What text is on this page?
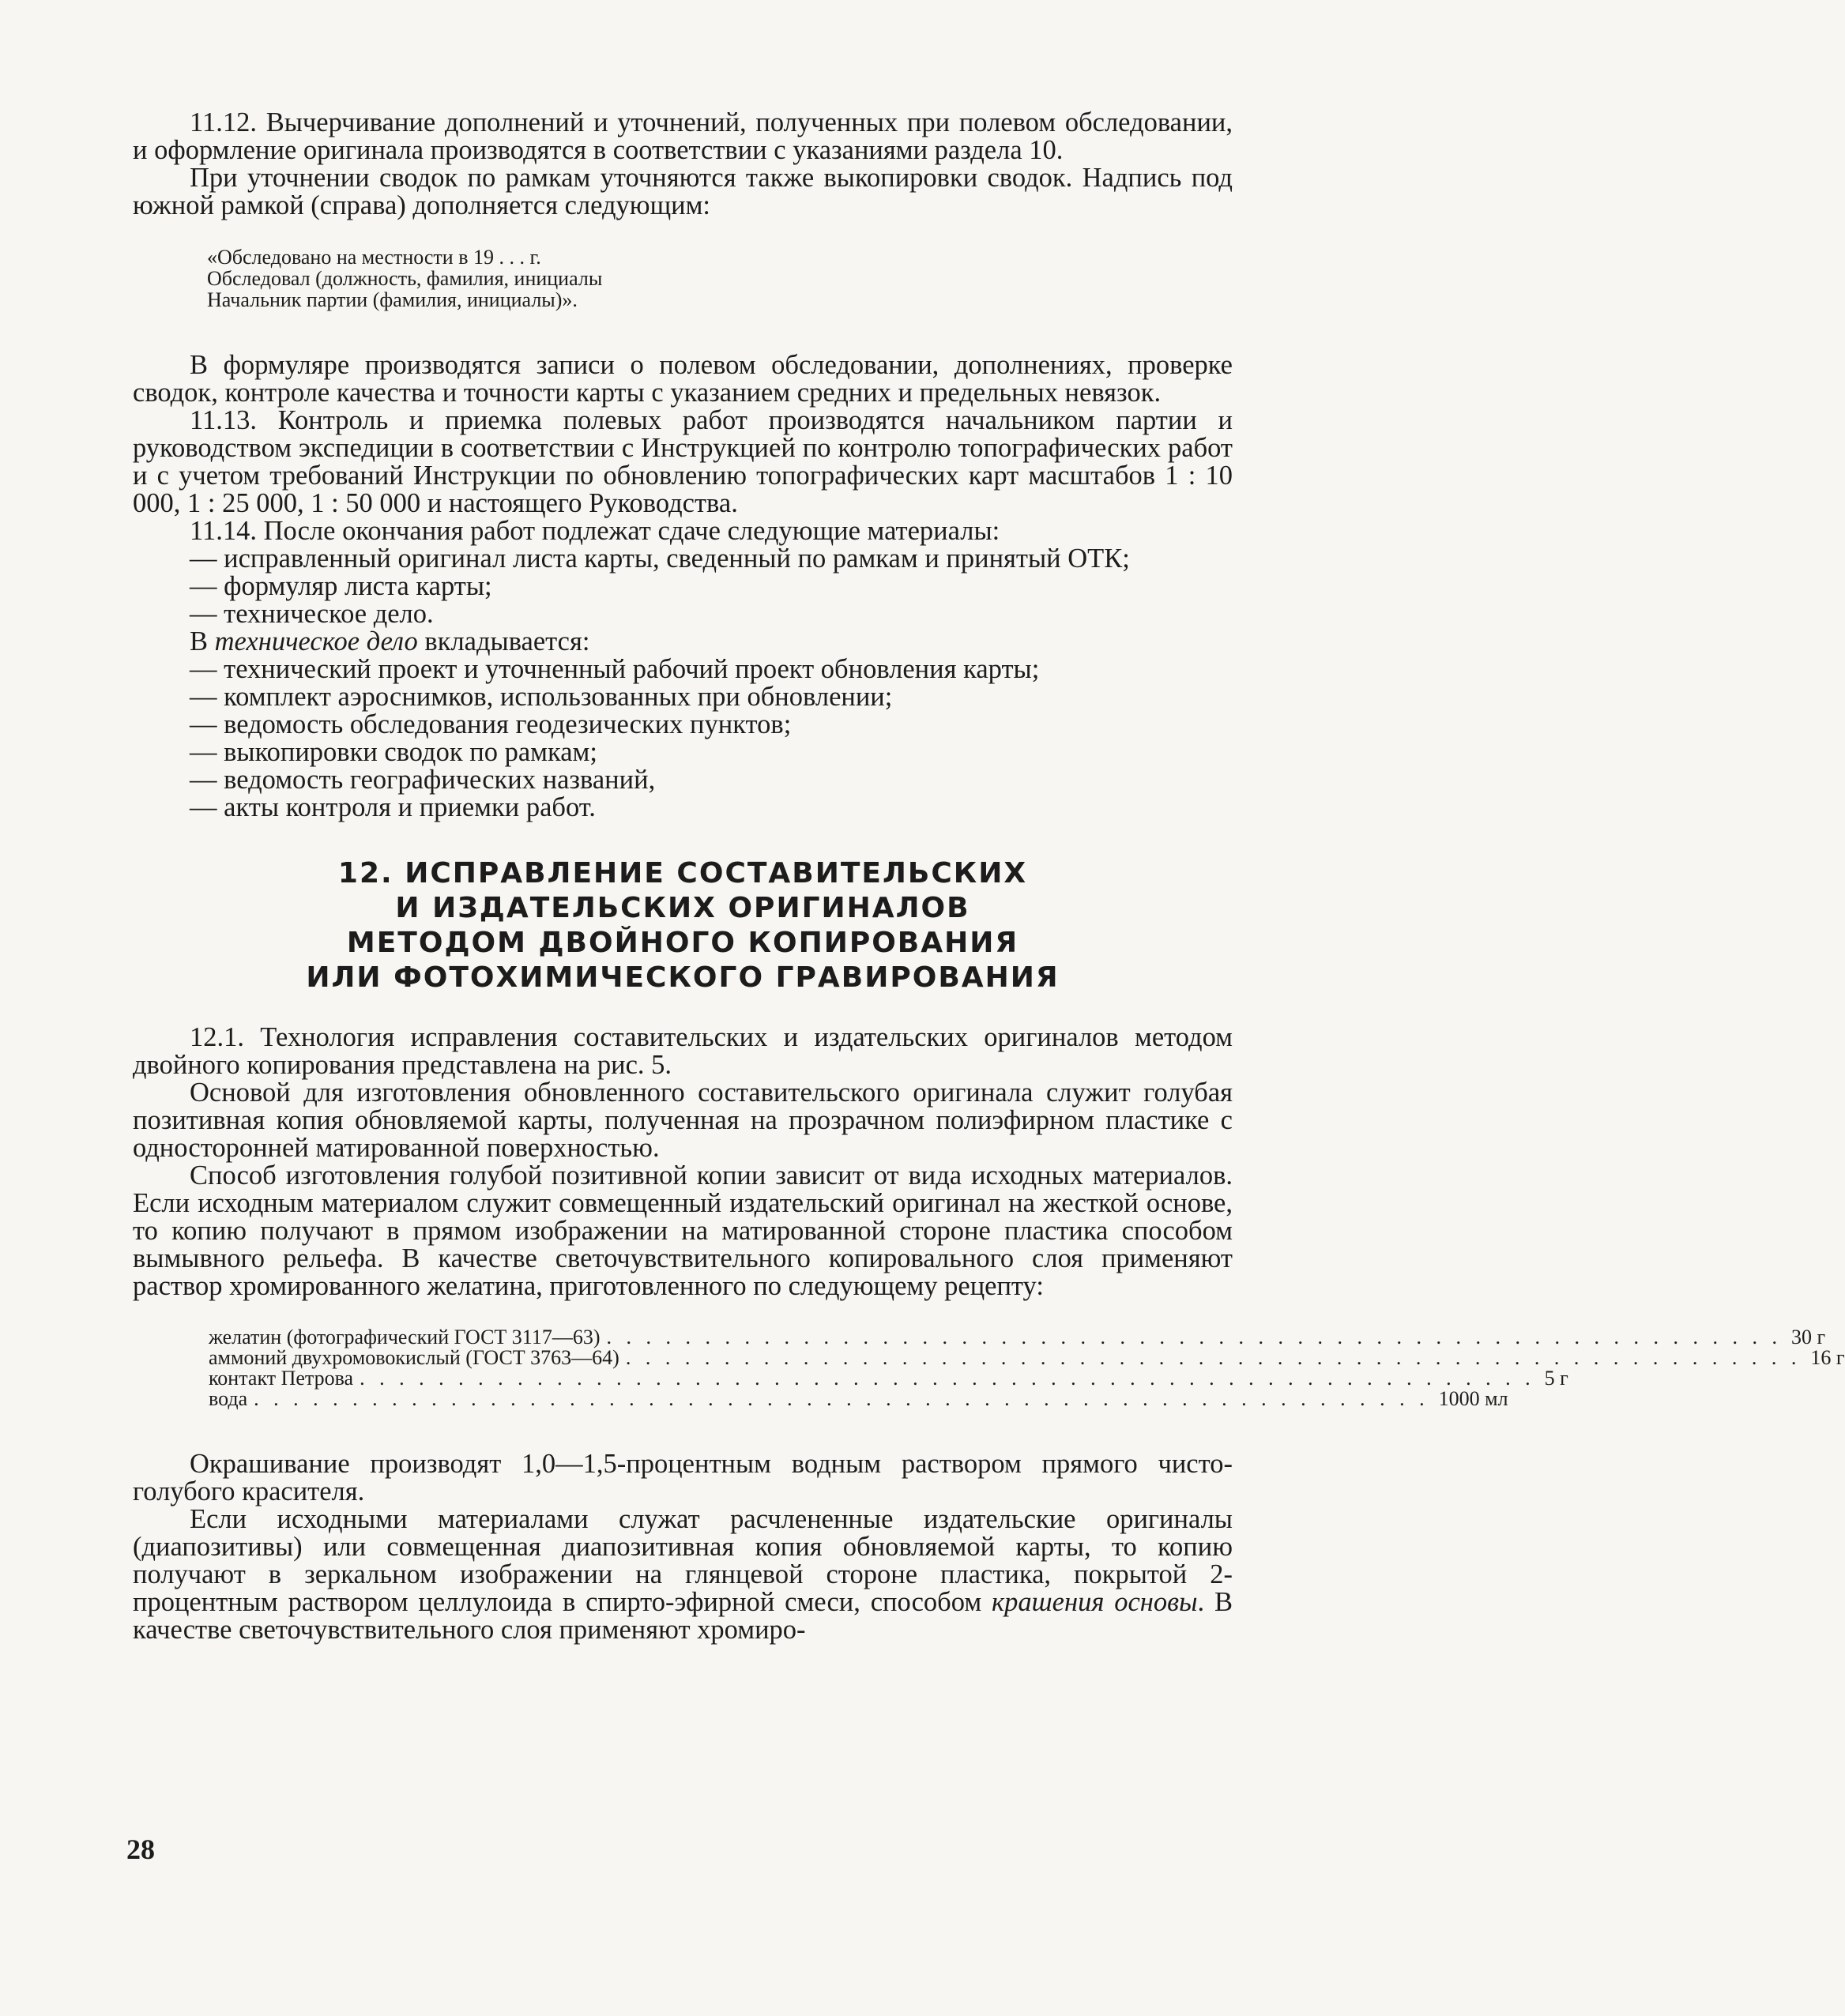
11.12. Вычерчивание дополнений и уточнений, полученных при полевом обследовании, и оформление оригинала производятся в соответствии с указаниями раздела 10.

При уточнении сводок по рамкам уточняются также выкопировки сводок. Надпись под южной рамкой (справа) дополняется следующим:

«Обследовано на местности в 19 . . . г.
Обследовал (должность, фамилия, инициалы
Начальник партии (фамилия, инициалы)».

В формуляре производятся записи о полевом обследовании, дополнениях, проверке сводок, контроле качества и точности карты с указанием средних и предельных невязок.

11.13. Контроль и приемка полевых работ производятся начальником партии и руководством экспедиции в соответствии с Инструкцией по контролю топографических работ и с учетом требований Инструкции по обновлению топографических карт масштабов 1 : 10 000, 1 : 25 000, 1 : 50 000 и настоящего Руководства.

11.14. После окончания работ подлежат сдаче следующие материалы:

— исправленный оригинал листа карты, сведенный по рамкам и принятый ОТК;

— формуляр листа карты;

— техническое дело.

В техническое дело вкладывается:

— технический проект и уточненный рабочий проект обновления карты;

— комплект аэроснимков, использованных при обновлении;

— ведомость обследования геодезических пунктов;

— выкопировки сводок по рамкам;

— ведомость географических названий,

— акты контроля и приемки работ.

12. ИСПРАВЛЕНИЕ СОСТАВИТЕЛЬСКИХ
И ИЗДАТЕЛЬСКИХ ОРИГИНАЛОВ
МЕТОДОМ ДВОЙНОГО КОПИРОВАНИЯ
ИЛИ ФОТОХИМИЧЕСКОГО ГРАВИРОВАНИЯ

12.1. Технология исправления составительских и издательских оригиналов методом двойного копирования представлена на рис. 5.

Основой для изготовления обновленного составительского оригинала служит голубая позитивная копия обновляемой карты, полученная на прозрачном полиэфирном пластике с односторонней матированной поверхностью.

Способ изготовления голубой позитивной копии зависит от вида исходных материалов. Если исходным материалом служит совмещенный издательский оригинал на жесткой основе, то копию получают в прямом изображении на матированной стороне пластика способом вымывного рельефа. В качестве светочувствительного копировального слоя применяют раствор хромированного желатина, приготовленного по следующему рецепту:

желатин (фотографический ГОСТ 3117—63) . . . . . . . . . . . . . . . . . . . . . . . . . . . . . . . . . . . . . . . . . . . . . . . . . . . . . . . . . . . . 30 г
аммоний двухромовокислый (ГОСТ 3763—64) . . . . . . . . . . . . . . . . . . . . . . . . . . . . . . . . . . . . . . . . . . . . . . . . . . . . . . . . . . . . 16 г
контакт Петрова . . . . . . . . . . . . . . . . . . . . . . . . . . . . . . . . . . . . . . . . . . . . . . . . . . . . . . . . . . . . 5 г
вода . . . . . . . . . . . . . . . . . . . . . . . . . . . . . . . . . . . . . . . . . . . . . . . . . . . . . . . . . . . . 1000 мл

Окрашивание производят 1,0—1,5-процентным водным раствором прямого чисто-голубого красителя.

Если исходными материалами служат расчлененные издательские оригиналы (диапозитивы) или совмещенная диапозитивная копия обновляемой карты, то копию получают в зеркальном изображении на глянцевой стороне пластика, покрытой 2-процентным раствором целлулоида в спирто-эфирной смеси, способом крашения основы. В качестве светочувствительного слоя применяют хромиро-

28
